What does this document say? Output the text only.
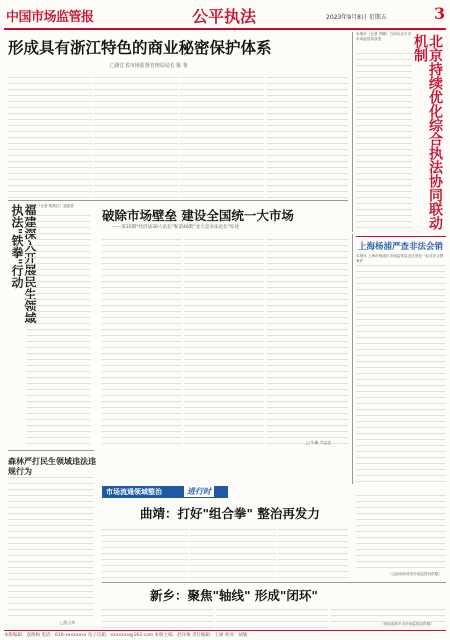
中国市场监管报	公平执法	2023年9月8日 星期五	3
形成具有浙江特色的商业秘密保护体系
□浙江省市场监督管理局局长 陈 鲁
本报讯（记者 李腾）日前从北京市市场监管局获悉	北京持续优化综合执法协同联动机制
福建深入开展民生领域执法"铁拳"行动 本报讯（记者 陈燕红）福建省
破除市场壁垒 建设全国统一大市场
——第35期"经济法30人论坛"和第46期"北大竞争法论坛"综述
□ 牛犇 尹志忠
上海杨浦严查非法会销
本报讯 上海市杨浦区市场监管局近日查处一起非法会销案件
森林严打民生领域违法违规行为
□钱卫华
市场流通领域整治	进行时
曲靖：打好"组合拳" 整治再发力
（云南省曲靖市市场监管局供稿）
新乡：聚焦"轴线" 形成"闭环"
（河南省新乡市市场监管局供稿）
本版编辑：袁晓梅 电话：010-xxxxxxxx 电子信箱：xxxxxxx@163.com 本版主编：赵洋梅 责任编辑：王丽 校对：胡敏
